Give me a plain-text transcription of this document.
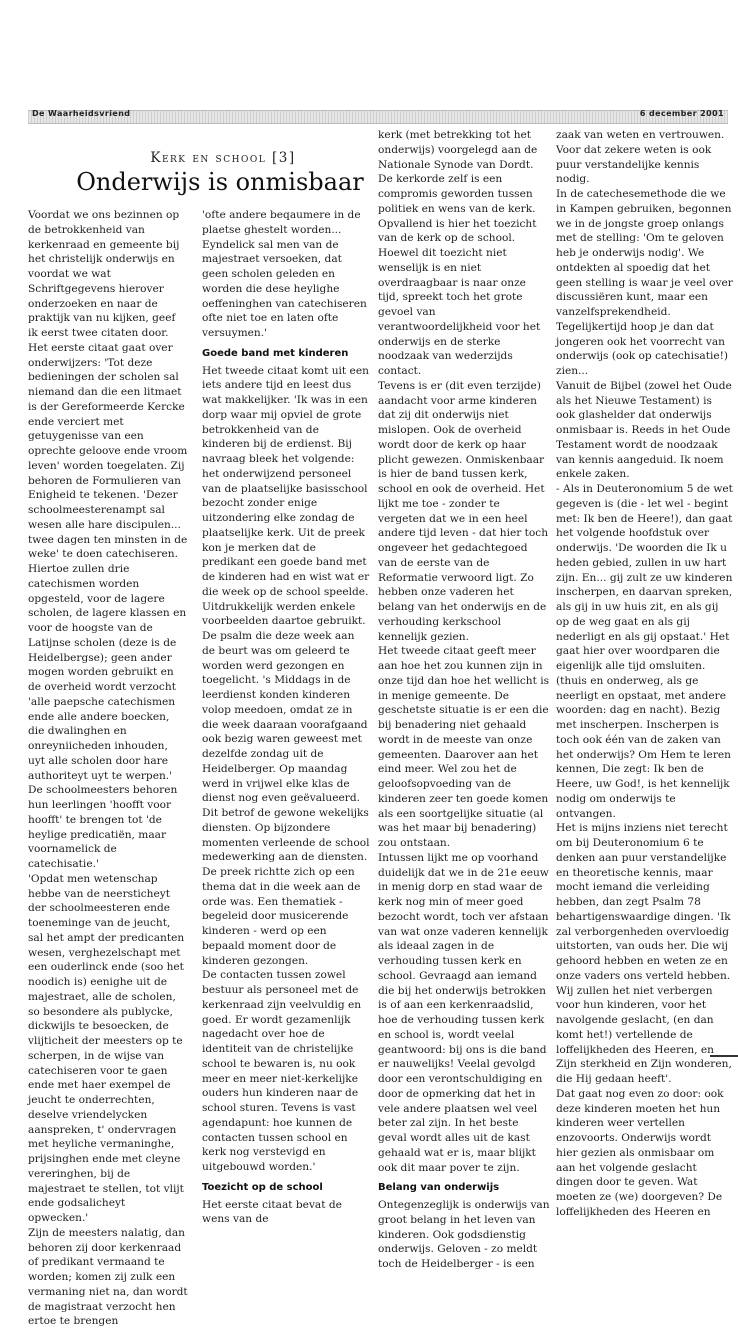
De Waarheidsvriend	6 december 2001
Kerk en school [3]
Onderwijs is onmisbaar

Voordat we ons bezinnen op de betrokkenheid van kerkenraad en gemeente bij het christelijk onderwijs en voordat we wat Schriftgegevens hierover onderzoeken en naar de praktijk van nu kijken, geef ik eerst twee citaten door.

Het eerste citaat gaat over onderwijzers: 'Tot deze bedieningen der scholen sal niemand dan die een litmaet is der Gereformeerde Kercke ende verciert met getuygenisse van een oprechte geloove ende vroom leven' worden toegelaten. Zij behoren de Formulieren van Enigheid te tekenen. 'Dezer schoolmeesterenampt sal wesen alle hare discipulen... twee dagen ten minsten in de weke' te doen catechiseren. Hiertoe zullen drie catechismen worden opgesteld, voor de lagere scholen, de lagere klassen en voor de hoogste van de Latijnse scholen (deze is de Heidelbergse); geen ander mogen worden gebruikt en de overheid wordt verzocht 'alle paepsche catechismen ende alle andere boecken, die dwalinghen en onreyniicheden inhouden, uyt alle scholen door hare authoriteyt uyt te werpen.' De schoolmeesters behoren hun leerlingen 'hoofft voor hoofft' te brengen tot 'de heylige predicatiën, maar voornamelick de catechisatie.'

'Opdat men wetenschap hebbe van de neersticheyt der schoolmeesteren ende toeneminge van de jeucht, sal het ampt der predicanten wesen, verghezelschapt met een ouderlinck ende (soo het noodich is) eenighe uit de majestraet, alle de scholen, so besondere als publycke, dickwijls te besoecken, de vlijticheit der meesters op te scherpen, in de wijse van catechiseren voor te gaen ende met haer exempel de jeucht te onderrechten, deselve vriendelycken aanspreken, t' ondervragen met heyliche vermaninghe, prijsinghen ende met cleyne vereringhen, bij de majestraet te stellen, tot vlijt ende godsalicheyt opwecken.'

Zijn de meesters nalatig, dan behoren zij door kerkenraad of predikant vermaand te worden; komen zij zulk een vermaning niet na, dan wordt de magistraat verzocht hen ertoe te brengen

'ofte andere beqaumere in de plaetse ghestelt worden... Eyndelick sal men van de majestraet versoeken, dat geen scholen geleden en worden die dese heylighe oeffeninghen van catechiseren ofte niet toe en laten ofte versuymen.'

Goede band met kinderen

Het tweede citaat komt uit een iets andere tijd en leest dus wat makkelijker. 'Ik was in een dorp waar mij opviel de grote betrokkenheid van de kinderen bij de erdienst. Bij navraag bleek het volgende: het onderwijzend personeel van de plaatselijke basisschool bezocht zonder enige uitzondering elke zondag de plaatselijke kerk. Uit de preek kon je merken dat de predikant een goede band met de kinderen had en wist wat er die week op de school speelde.

Uitdrukkelijk werden enkele voorbeelden daartoe gebruikt. De psalm die deze week aan de beurt was om geleerd te worden werd gezongen en toegelicht. 's Middags in de leerdienst konden kinderen volop meedoen, omdat ze in die week daaraan voorafgaand ook bezig waren geweest met dezelfde zondag uit de Heidelberger. Op maandag werd in vrijwel elke klas de dienst nog even geëvalueerd. Dit betrof de gewone wekelijks diensten. Op bijzondere momenten verleende de school medewerking aan de diensten. De preek richtte zich op een thema dat in die week aan de orde was. Een thematiek - begeleid door musicerende kinderen - werd op een bepaald moment door de kinderen gezongen.

De contacten tussen zowel bestuur als personeel met de kerkenraad zijn veelvuldig en goed. Er wordt gezamenlijk nagedacht over hoe de identiteit van de christelijke school te bewaren is, nu ook meer en meer niet-kerkelijke ouders hun kinderen naar de school sturen. Tevens is vast agendapunt: hoe kunnen de contacten tussen school en kerk nog verstevigd en uitgebouwd worden.'

Toezicht op de school

Het eerste citaat bevat de wens van de

kerk (met betrekking tot het onderwijs) voorgelegd aan de Nationale Synode van Dordt. De kerkorde zelf is een compromis geworden tussen politiek en wens van de kerk. Opvallend is hier het toezicht van de kerk op de school. Hoewel dit toezicht niet wenselijk is en niet overdraagbaar is naar onze tijd, spreekt toch het grote gevoel van verantwoordelijkheid voor het onderwijs en de sterke noodzaak van wederzijds contact.

Tevens is er (dit even terzijde) aandacht voor arme kinderen dat zij dit onderwijs niet mislopen. Ook de overheid wordt door de kerk op haar plicht gewezen. Onmiskenbaar is hier de band tussen kerk, school en ook de overheid. Het lijkt me toe - zonder te vergeten dat we in een heel andere tijd leven - dat hier toch ongeveer het gedachtegoed van de eerste van de Reformatie verwoord ligt. Zo hebben onze vaderen het belang van het onderwijs en de verhouding kerkschool kennelijk gezien.

Het tweede citaat geeft meer aan hoe het zou kunnen zijn in onze tijd dan hoe het wellicht is in menige gemeente. De geschetste situatie is er een die bij benadering niet gehaald wordt in de meeste van onze gemeenten. Daarover aan het eind meer. Wel zou het de geloofsopvoeding van de kinderen zeer ten goede komen als een soortgelijke situatie (al was het maar bij benadering) zou ontstaan.

Intussen lijkt me op voorhand duidelijk dat we in de 21e eeuw in menig dorp en stad waar de kerk nog min of meer goed bezocht wordt, toch ver afstaan van wat onze vaderen kennelijk als ideaal zagen in de verhouding tussen kerk en school. Gevraagd aan iemand die bij het onderwijs betrokken is of aan een kerkenraadslid, hoe de verhouding tussen kerk en school is, wordt veelal geantwoord: bij ons is die band er nauwelijks! Veelal gevolgd door een verontschuldiging en door de opmerking dat het in vele andere plaatsen wel veel beter zal zijn. In het beste geval wordt alles uit de kast gehaald wat er is, maar blijkt ook dit maar pover te zijn.

Belang van onderwijs

Ontegenzeglijk is onderwijs van groot belang in het leven van kinderen. Ook godsdienstig onderwijs. Geloven - zo meldt toch de Heidelberger - is een

zaak van weten en vertrouwen. Voor dat zekere weten is ook puur verstandelijke kennis nodig.

In de catechesemethode die we in Kampen gebruiken, begonnen we in de jongste groep onlangs met de stelling: 'Om te geloven heb je onderwijs nodig'. We ontdekten al spoedig dat het geen stelling is waar je veel over discussiëren kunt, maar een vanzelfsprekendheid. Tegelijkertijd hoop je dan dat jongeren ook het voorrecht van onderwijs (ook op catechisatie!) zien...

Vanuit de Bijbel (zowel het Oude als het Nieuwe Testament) is ook glashelder dat onderwijs onmisbaar is. Reeds in het Oude Testament wordt de noodzaak van kennis aangeduid. Ik noem enkele zaken.

- Als in Deuteronomium 5 de wet gegeven is (die - let wel - begint met: Ik ben de Heere!), dan gaat het volgende hoofdstuk over onderwijs. 'De woorden die Ik u heden gebied, zullen in uw hart zijn. En... gij zult ze uw kinderen inscherpen, en daarvan spreken, als gij in uw huis zit, en als gij op de weg gaat en als gij nederligt en als gij opstaat.' Het gaat hier over woordparen die eigenlijk alle tijd omsluiten. (thuis en onderweg, als ge neerligt en opstaat, met andere woorden: dag en nacht). Bezig met inscherpen. Inscherpen is toch ook één van de zaken van het onderwijs? Om Hem te leren kennen, Die zegt: Ik ben de Heere, uw God!, is het kennelijk nodig om onderwijs te ontvangen.

Het is mijns inziens niet terecht om bij Deuteronomium 6 te denken aan puur verstandelijke en theoretische kennis, maar mocht iemand die verleiding hebben, dan zegt Psalm 78 behartigenswaardige dingen. 'Ik zal verborgenheden overvloedig uitstorten, van ouds her. Die wij gehoord hebben en weten ze en onze vaders ons verteld hebben. Wij zullen het niet verbergen voor hun kinderen, voor het navolgende geslacht, (en dan komt het!) vertellende de loffelijkheden des Heeren, en Zijn sterkheid en Zijn wonderen, die Hij gedaan heeft'.

Dat gaat nog even zo door: ook deze kinderen moeten het hun kinderen weer vertellen enzovoorts. Onderwijs wordt hier gezien als onmisbaar om aan het volgende geslacht dingen door te geven. Wat moeten ze (we) doorgeven? De loffelijkheden des Heeren en
